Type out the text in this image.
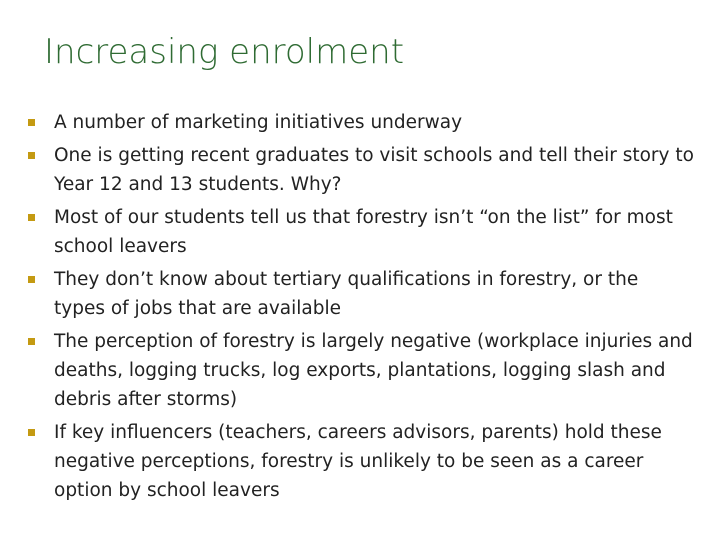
Increasing enrolment
A number of marketing initiatives underway
One is getting recent graduates to visit schools and tell their story to Year 12 and 13 students. Why?
Most of our students tell us that forestry isn’t “on the list” for most school leavers
They don’t know about tertiary qualifications in forestry, or the types of jobs that are available
The perception of forestry is largely negative (workplace injuries and deaths, logging trucks, log exports, plantations, logging slash and debris after storms)
If key influencers (teachers, careers advisors, parents) hold these negative perceptions, forestry is unlikely to be seen as a career option by school leavers
